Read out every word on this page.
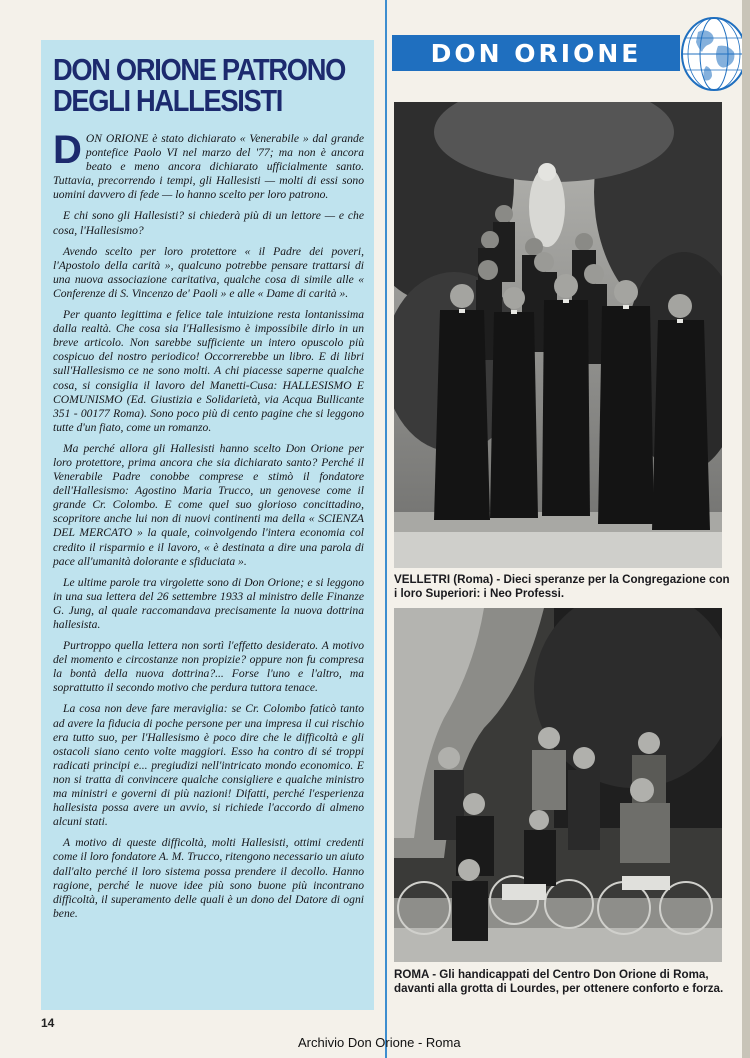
DON ORIONE PATRONO DEGLI HALLESISTI

DON ORIONE è stato dichiarato « Venerabile » dal grande pontefice Paolo VI nel marzo del '77; ma non è ancora beato e meno ancora dichiarato ufficialmente santo. Tuttavia, precorrendo i tempi, gli Hallesisti — molti di essi sono uomini davvero di fede — lo hanno scelto per loro patrono.

E chi sono gli Hallesisti? si chiederà più di un lettore — e che cosa, l'Hallesismo?

Avendo scelto per loro protettore « il Padre dei poveri, l'Apostolo della carità », qualcuno potrebbe pensare trattarsi di una nuova associazione caritativa, qualche cosa di simile alle « Conferenze di S. Vincenzo de' Paoli » e alle « Dame di carità ».

Per quanto legittima e felice tale intuizione resta lontanissima dalla realtà. Che cosa sia l'Hallesismo è impossibile dirlo in un breve articolo. Non sarebbe sufficiente un intero opuscolo più cospicuo del nostro periodico! Occorrerebbe un libro. E di libri sull'Hallesismo ce ne sono molti. A chi piacesse saperne qualche cosa, si consiglia il lavoro del Manetti-Cusa: HALLESISMO E COMUNISMO (Ed. Giustizia e Solidarietà, via Acqua Bullicante 351 - 00177 Roma). Sono poco più di cento pagine che si leggono tutte d'un fiato, come un romanzo.

Ma perché allora gli Hallesisti hanno scelto Don Orione per loro protettore, prima ancora che sia dichiarato santo? Perché il Venerabile Padre conobbe comprese e stimò il fondatore dell'Hallesismo: Agostino Maria Trucco, un genovese come il grande Cr. Colombo. E come quel suo glorioso concittadino, scopritore anche lui non di nuovi continenti ma della « SCIENZA DEL MERCATO » la quale, coinvolgendo l'intera economia col credito il risparmio e il lavoro, « è destinata a dire una parola di pace all'umanità dolorante e sfiduciata ».

Le ultime parole tra virgolette sono di Don Orione; e si leggono in una sua lettera del 26 settembre 1933 al ministro delle Finanze G. Jung, al quale raccomandava precisamente la nuova dottrina hallesista.

Purtroppo quella lettera non sortì l'effetto desiderato. A motivo del momento e circostanze non propizie? oppure non fu compresa la bontà della nuova dottrina?... Forse l'uno e l'altro, ma soprattutto il secondo motivo che perdura tuttora tenace.

La cosa non deve fare meraviglia: se Cr. Colombo faticò tanto ad avere la fiducia di poche persone per una impresa il cui rischio era tutto suo, per l'Hallesismo è poco dire che le difficoltà e gli ostacoli siano cento volte maggiori. Esso ha contro di sé troppi radicati principi e... pregiudizi nell'intricato mondo economico. E non si tratta di convincere qualche consigliere e qualche ministro ma ministri e governi di più nazioni! Difatti, perché l'esperienza hallesista possa avere un avvio, si richiede l'accordo di almeno alcuni stati.

A motivo di queste difficoltà, molti Hallesisti, ottimi credenti come il loro fondatore A. M. Trucco, ritengono necessario un aiuto dall'alto perché il loro sistema possa prendere il decollo. Hanno ragione, perché le nuove idee più sono buone più incontrano difficoltà, il superamento delle quali è un dono del Datore di ogni bene.

DON ORIONE
VELLETRI (Roma) - Dieci speranze per la Congregazione con i loro Superiori: i Neo Professi.
ROMA - Gli handicappati del Centro Don Orione di Roma, davanti alla grotta di Lourdes, per ottenere conforto e forza.
14
Archivio Don Orione - Roma
